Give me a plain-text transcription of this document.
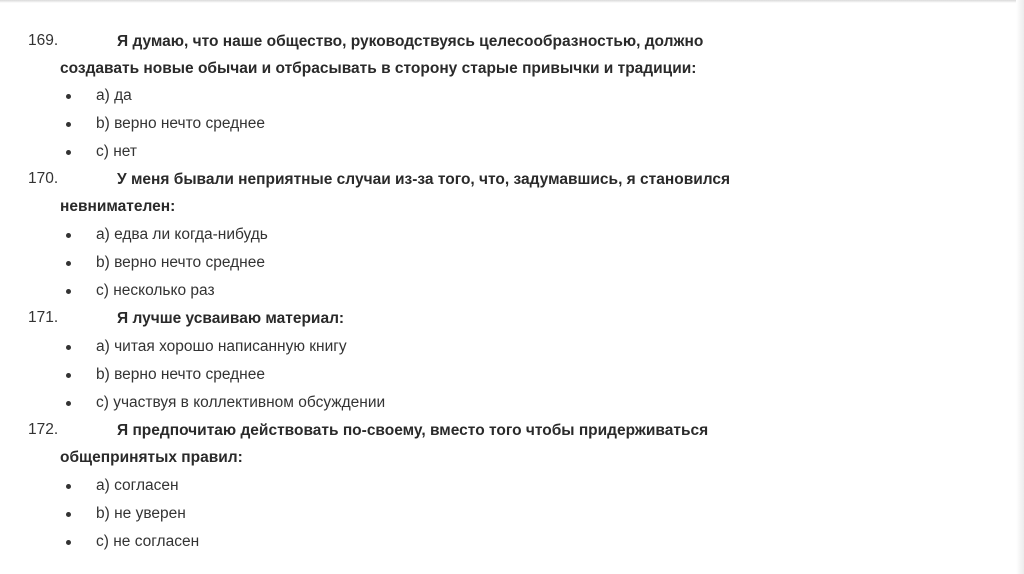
169.	Я думаю, что наше общество, руководствуясь целесообразностью, должно создавать новые обычаи и отбрасывать в сторону старые привычки и традиции:
а) да
b) верно нечто среднее
с) нет
170.	У меня бывали неприятные случаи из-за того, что, задумавшись, я становился невнимателен:
а) едва ли когда-нибудь
b) верно нечто среднее
с) несколько раз
171.	Я лучше усваиваю материал:
а) читая хорошо написанную книгу
b) верно нечто среднее
с) участвуя в коллективном обсуждении
172.	Я предпочитаю действовать по-своему, вместо того чтобы придерживаться общепринятых правил:
а) согласен
b) не уверен
с) не согласен
